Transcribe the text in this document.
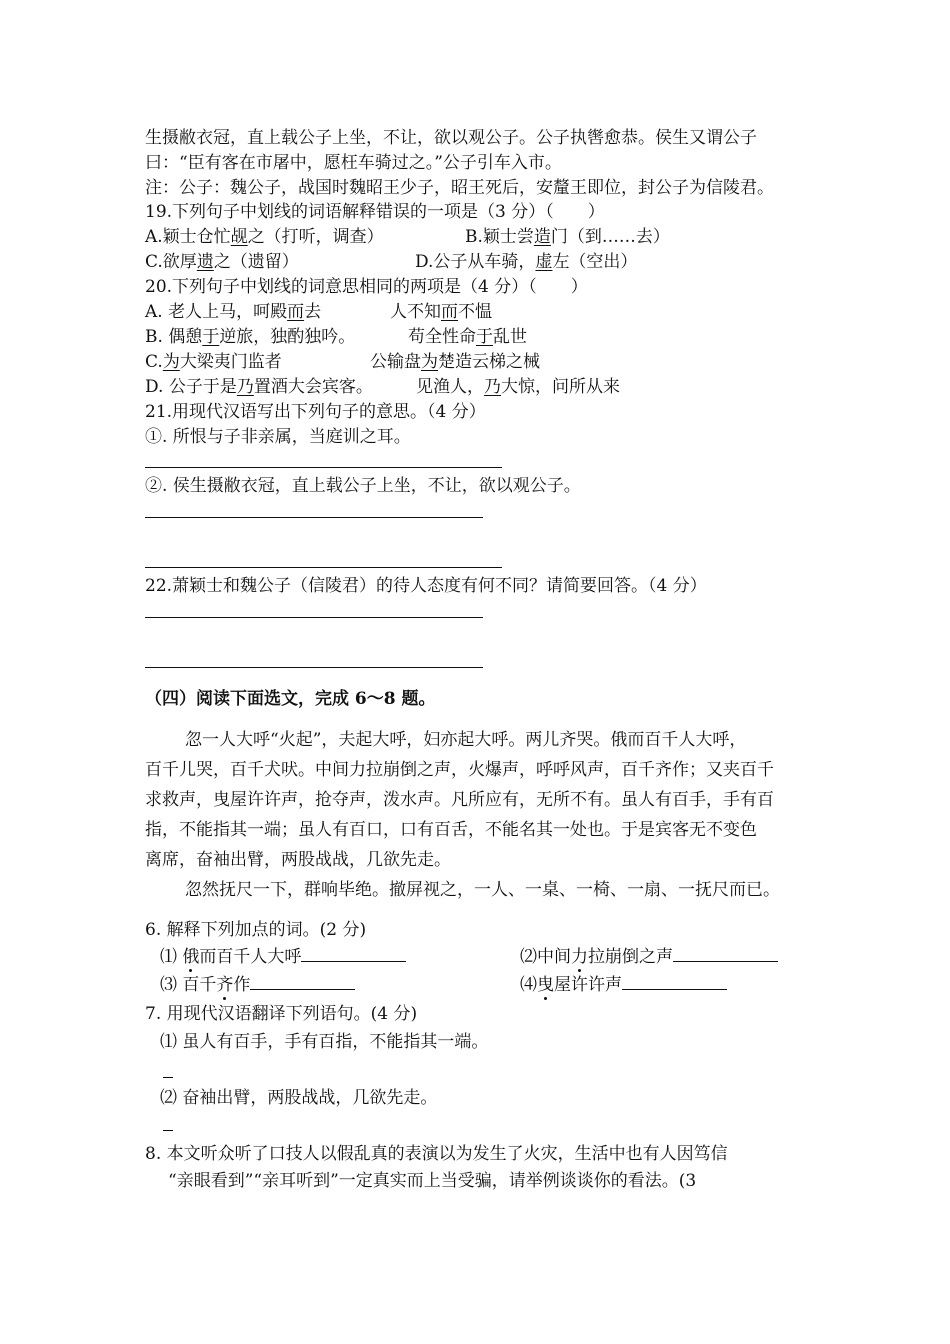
生摄敝衣冠，直上载公子上坐，不让，欲以观公子。公子执辔愈恭。侯生又谓公子
曰：“臣有客在市屠中，愿枉车骑过之。”公子引车入市。
注：公子：魏公子，战国时魏昭王少子，昭王死后，安釐王即位，封公子为信陵君。
19.下列句子中划线的词语解释错误的一项是（3 分）（　　）
A.颖士仓忙觇之（打听，调查）	B.颖士尝造门（到……去）
C.欲厚遗之（遗留）	D.公子从车骑，虚左（空出）
20.下列句子中划线的词意思相同的两项是（4 分）（　　）
A. 老人上马，呵殿而去	人不知而不愠
B. 偶憩于逆旅，独酌独吟。	苟全性命于乱世
C.为大梁夷门监者	公输盘为楚造云梯之械
D. 公子于是乃置酒大会宾客。	见渔人，乃大惊，问所从来
21.用现代汉语写出下列句子的意思。（4 分）
①. 所恨与子非亲属，当庭训之耳。
②. 侯生摄敝衣冠，直上载公子上坐，不让，欲以观公子。
22.萧颖士和魏公子（信陵君）的待人态度有何不同？请简要回答。（4 分）
（四）阅读下面选文，完成 6～8 题。
忽一人大呼“火起”，夫起大呼，妇亦起大呼。两儿齐哭。俄而百千人大呼，
百千儿哭，百千犬吠。中间力拉崩倒之声，火爆声，呼呼风声，百千齐作；又夹百千
求救声，曳屋许许声，抢夺声，泼水声。凡所应有，无所不有。虽人有百手，手有百
指，不能指其一端；虽人有百口，口有百舌，不能名其一处也。于是宾客无不变色
离席，奋袖出臂，两股战战，几欲先走。
忽然抚尺一下，群响毕绝。撤屏视之，一人、一桌、一椅、一扇、一抚尺而已。
6. 解释下列加点的词。(2 分)
⑴ 俄而百千人大呼	⑵中间力拉崩倒之声
⑶ 百千齐作	⑷曳屋许许声
7. 用现代汉语翻译下列语句。(4 分)
⑴ 虽人有百手，手有百指，不能指其一端。
⑵ 奋袖出臂，两股战战，几欲先走。
8. 本文听众听了口技人以假乱真的表演以为发生了火灾，生活中也有人因笃信
“亲眼看到”“亲耳听到”一定真实而上当受骗，请举例谈谈你的看法。(3
